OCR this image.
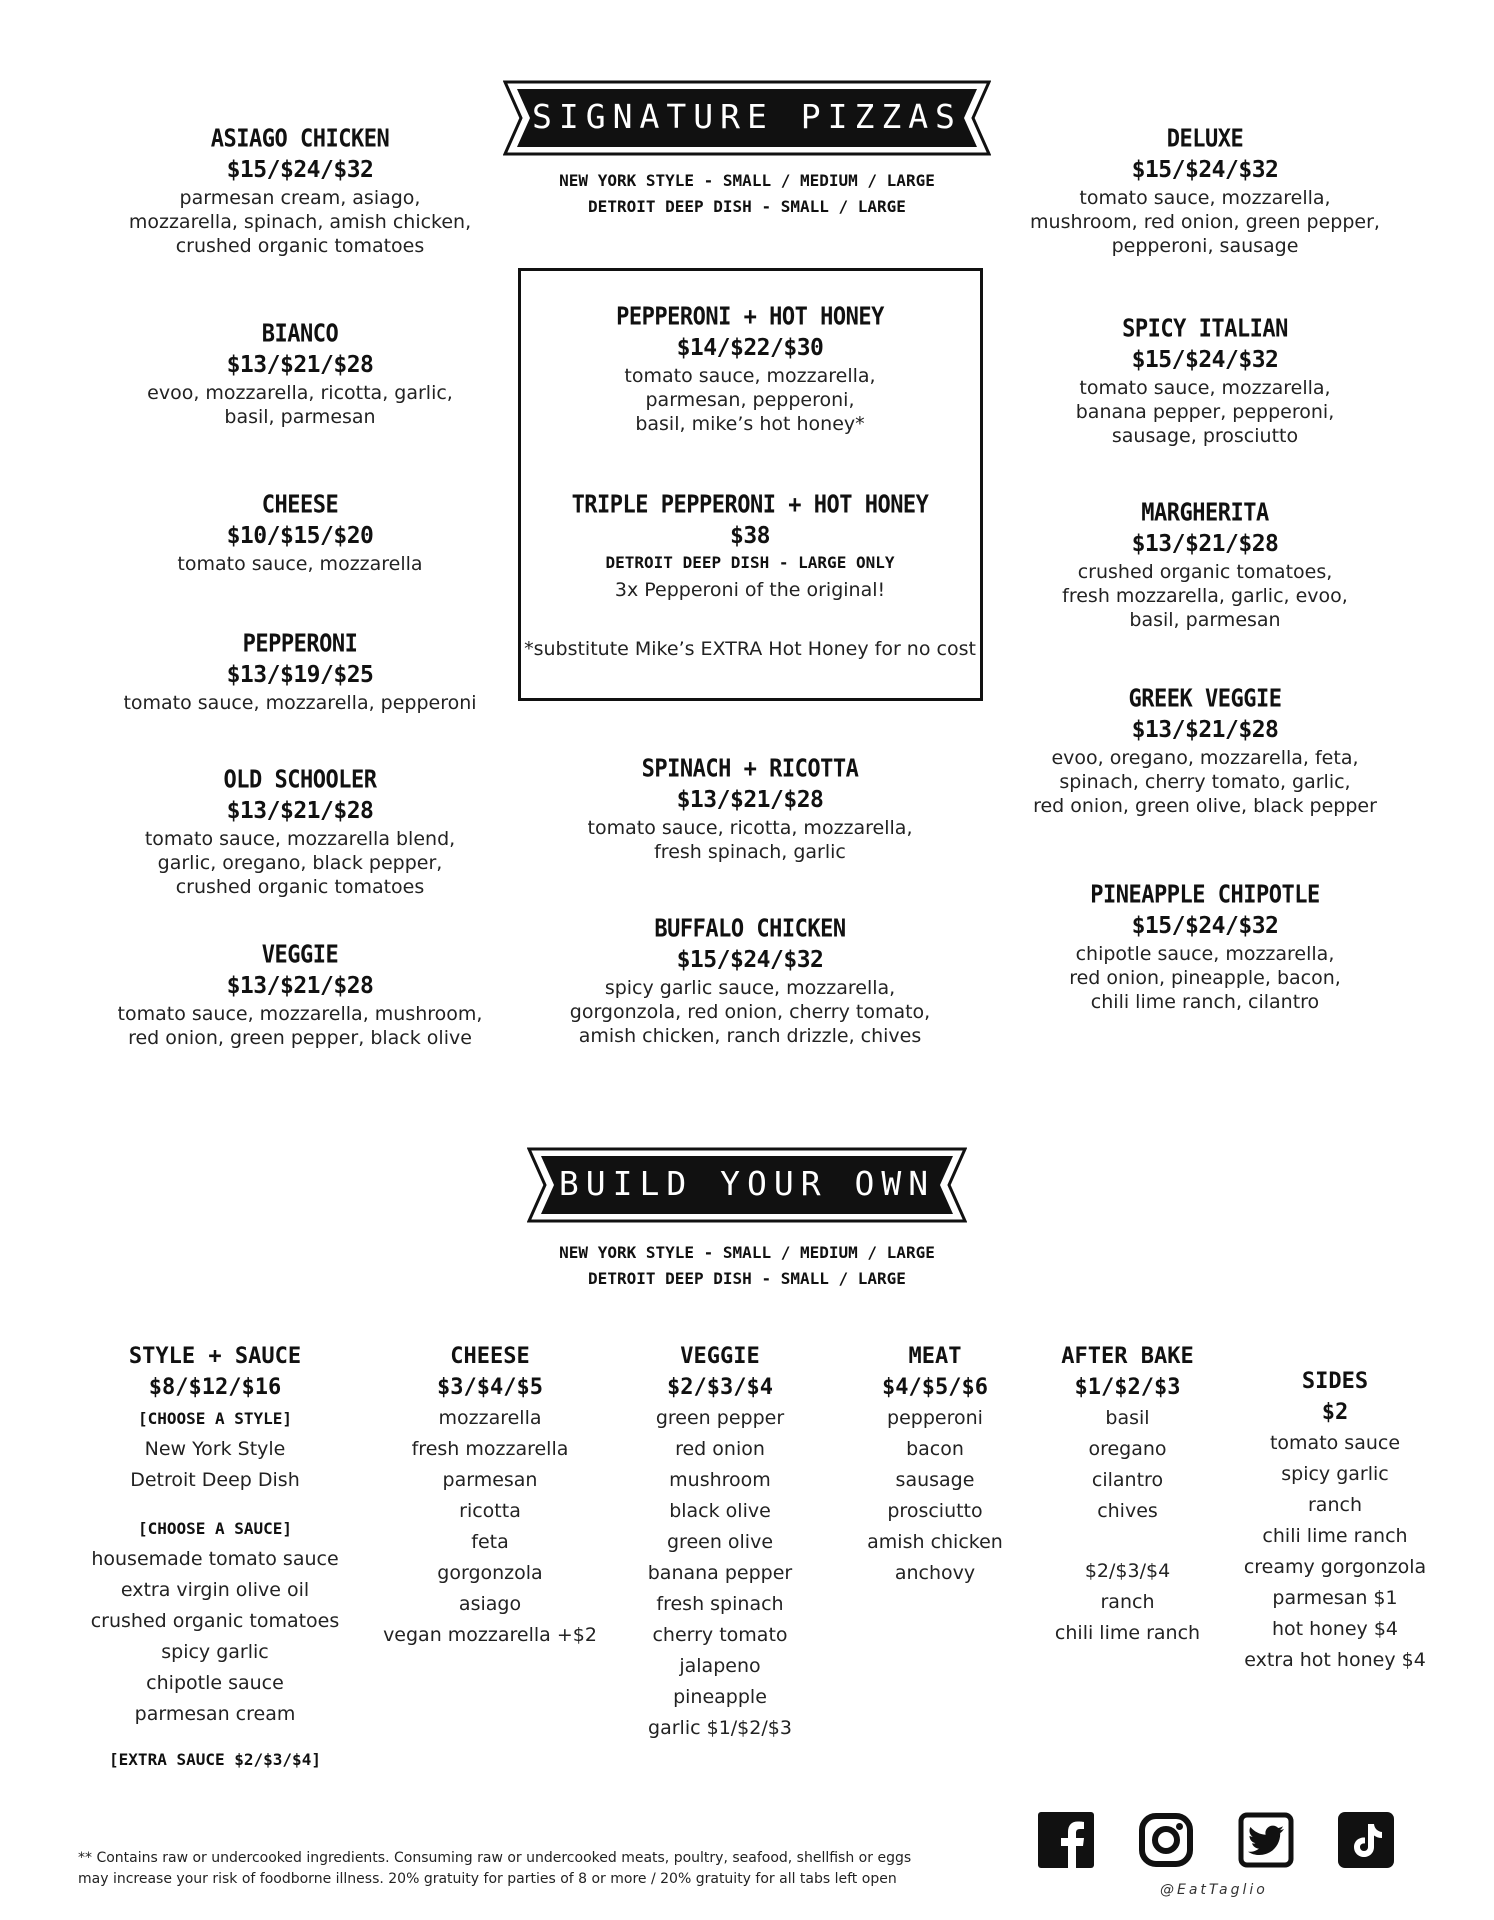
SIGNATURE PIZZAS
NEW YORK STYLE - SMALL / MEDIUM / LARGE
DETROIT DEEP DISH - SMALL / LARGE
ASIAGO CHICKEN
$15/$24/$32
parmesan cream, asiago,
mozzarella, spinach, amish chicken,
crushed organic tomatoes
BIANCO
$13/$21/$28
evoo, mozzarella, ricotta, garlic,
basil, parmesan
CHEESE
$10/$15/$20
tomato sauce, mozzarella
PEPPERONI
$13/$19/$25
tomato sauce, mozzarella, pepperoni
OLD SCHOOLER
$13/$21/$28
tomato sauce, mozzarella blend,
garlic, oregano, black pepper,
crushed organic tomatoes
VEGGIE
$13/$21/$28
tomato sauce, mozzarella, mushroom,
red onion, green pepper, black olive
PEPPERONI + HOT HONEY
$14/$22/$30
tomato sauce, mozzarella,
parmesan, pepperoni,
basil, mike’s hot honey*
TRIPLE PEPPERONI + HOT HONEY
$38
DETROIT DEEP DISH - LARGE ONLY
3x Pepperoni of the original!
*substitute Mike’s EXTRA Hot Honey for no cost
SPINACH + RICOTTA
$13/$21/$28
tomato sauce, ricotta, mozzarella,
fresh spinach, garlic
BUFFALO CHICKEN
$15/$24/$32
spicy garlic sauce, mozzarella,
gorgonzola, red onion, cherry tomato,
amish chicken, ranch drizzle, chives
DELUXE
$15/$24/$32
tomato sauce, mozzarella,
mushroom, red onion, green pepper,
pepperoni, sausage
SPICY ITALIAN
$15/$24/$32
tomato sauce, mozzarella,
banana pepper, pepperoni,
sausage, prosciutto
MARGHERITA
$13/$21/$28
crushed organic tomatoes,
fresh mozzarella, garlic, evoo,
basil, parmesan
GREEK VEGGIE
$13/$21/$28
evoo, oregano, mozzarella, feta,
spinach, cherry tomato, garlic,
red onion, green olive, black pepper
PINEAPPLE CHIPOTLE
$15/$24/$32
chipotle sauce, mozzarella,
red onion, pineapple, bacon,
chili lime ranch, cilantro
BUILD YOUR OWN
NEW YORK STYLE - SMALL / MEDIUM / LARGE
DETROIT DEEP DISH - SMALL / LARGE
STYLE + SAUCE
$8/$12/$16
[CHOOSE A STYLE]
New York Style
Detroit Deep Dish
[CHOOSE A SAUCE]
housemade tomato sauce
extra virgin olive oil
crushed organic tomatoes
spicy garlic
chipotle sauce
parmesan cream
[EXTRA SAUCE $2/$3/$4]
CHEESE
$3/$4/$5
mozzarella
fresh mozzarella
parmesan
ricotta
feta
gorgonzola
asiago
vegan mozzarella +$2
VEGGIE
$2/$3/$4
green pepper
red onion
mushroom
black olive
green olive
banana pepper
fresh spinach
cherry tomato
jalapeno
pineapple
garlic $1/$2/$3
MEAT
$4/$5/$6
pepperoni
bacon
sausage
prosciutto
amish chicken
anchovy
AFTER BAKE
$1/$2/$3
basil
oregano
cilantro
chives
$2/$3/$4
ranch
chili lime ranch
SIDES
$2
tomato sauce
spicy garlic
ranch
chili lime ranch
creamy gorgonzola
parmesan $1
hot honey $4
extra hot honey $4
** Contains raw or undercooked ingredients. Consuming raw or undercooked meats, poultry, seafood, shellfish or eggs
may increase your risk of foodborne illness. 20% gratuity for parties of 8 or more / 20% gratuity for all tabs left open
@EatTaglio
